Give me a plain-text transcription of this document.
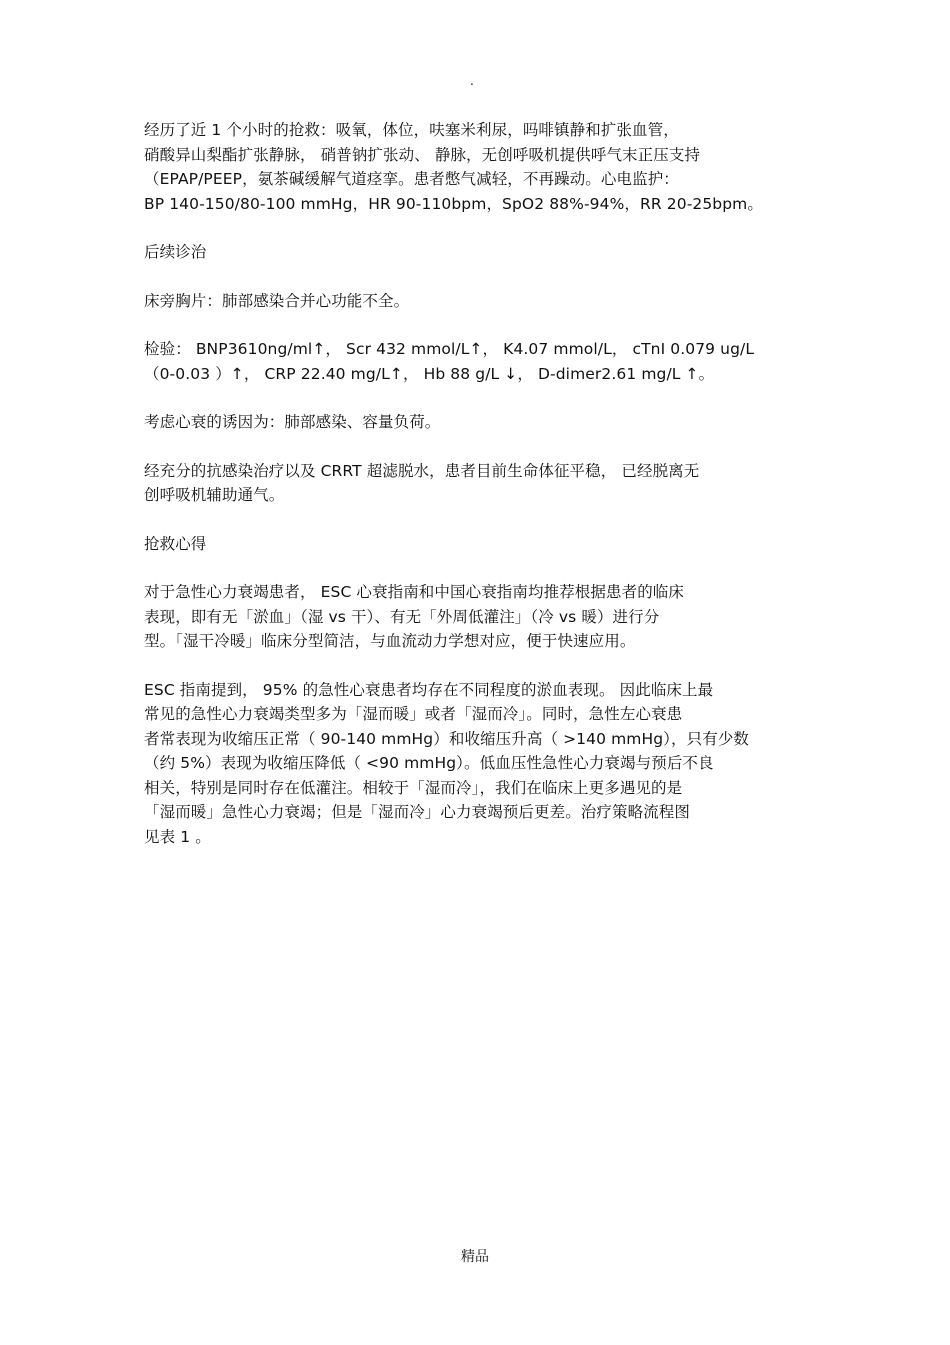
.
经历了近 1 个小时的抢救：吸氧，体位，呋塞米利尿，吗啡镇静和扩张血管，
硝酸异山梨酯扩张静脉， 硝普钠扩张动、 静脉，无创呼吸机提供呼气末正压支持
（EPAP/PEEP，氨茶碱缓解气道痉挛。患者憋气减轻，不再躁动。心电监护：
BP 140-150/80-100 mmHg，HR 90-110bpm，SpO2 88%-94%，RR 20-25bpm。
后续诊治
床旁胸片：肺部感染合并心功能不全。
检验： BNP3610ng/ml↑， Scr 432 mmol/L↑， K4.07 mmol/L， cTnI 0.079 ug/L
（0-0.03 ）↑， CRP 22.40 mg/L↑， Hb 88 g/L ↓， D-dimer2.61 mg/L ↑。
考虑心衰的诱因为：肺部感染、容量负荷。
经充分的抗感染治疗以及 CRRT 超滤脱水，患者目前生命体征平稳， 已经脱离无
创呼吸机辅助通气。
抢救心得
对于急性心力衰竭患者， ESC 心衰指南和中国心衰指南均推荐根据患者的临床
表现，即有无「淤血」（湿 vs 干）、有无「外周低灌注」（冷 vs 暖）进行分
型。「湿干冷暖」临床分型简洁，与血流动力学想对应，便于快速应用。
ESC 指南提到， 95% 的急性心衰患者均存在不同程度的淤血表现。 因此临床上最
常见的急性心力衰竭类型多为「湿而暖」或者「湿而冷」。同时，急性左心衰患
者常表现为收缩压正常（ 90-140 mmHg）和收缩压升高（ >140 mmHg），只有少数
（约 5%）表现为收缩压降低（ <90 mmHg）。低血压性急性心力衰竭与预后不良
相关，特别是同时存在低灌注。相较于「湿而冷」，我们在临床上更多遇见的是
「湿而暖」急性心力衰竭；但是「湿而冷」心力衰竭预后更差。治疗策略流程图
见表 1 。
精品
